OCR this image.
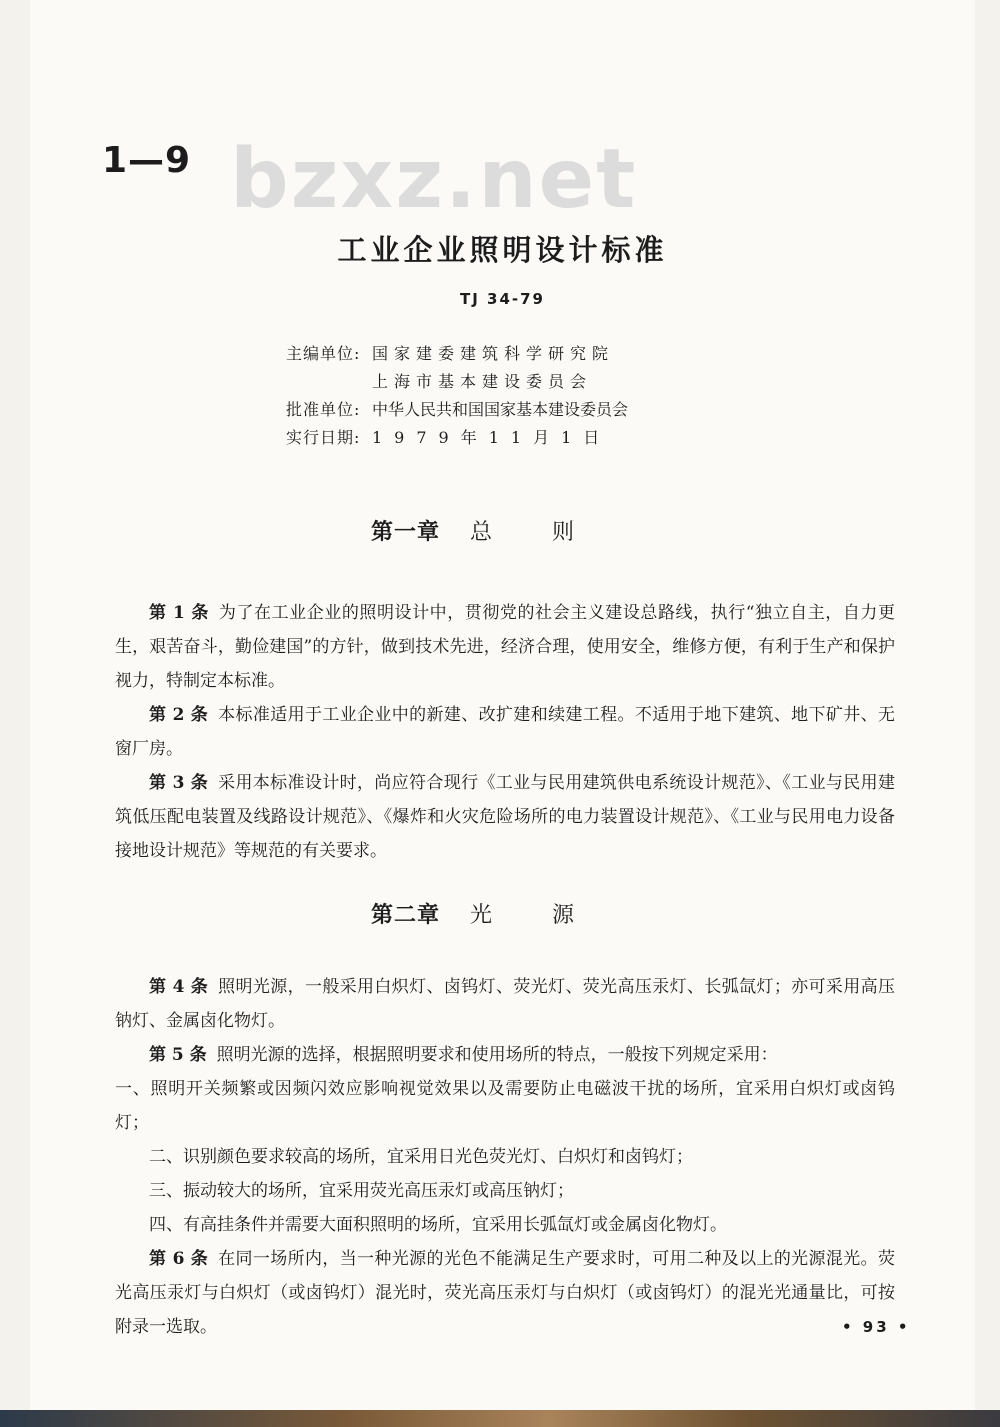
bzxz.net
1—9
工业企业照明设计标准
TJ 34-79
主编单位: 国家建委建筑科学研究院
上海市基本建设委员会
批准单位: 中华人民共和国国家基本建设委员会
实行日期: 1979年11月1日
第一章 总则

第 1 条 为了在工业企业的照明设计中，贯彻党的社会主义建设总路线，执行“独立自主，自力更生，艰苦奋斗，勤俭建国”的方针，做到技术先进，经济合理，使用安全，维修方便，有利于生产和保护视力，特制定本标准。

第 2 条 本标准适用于工业企业中的新建、改扩建和续建工程。不适用于地下建筑、地下矿井、无窗厂房。

第 3 条 采用本标准设计时，尚应符合现行《工业与民用建筑供电系统设计规范》、《工业与民用建筑低压配电装置及线路设计规范》、《爆炸和火灾危险场所的电力装置设计规范》、《工业与民用电力设备接地设计规范》等规范的有关要求。

第二章 光源

第 4 条 照明光源，一般采用白炽灯、卤钨灯、荧光灯、荧光高压汞灯、长弧氙灯；亦可采用高压钠灯、金属卤化物灯。

第 5 条 照明光源的选择，根据照明要求和使用场所的特点，一般按下列规定采用：

一、照明开关频繁或因频闪效应影响视觉效果以及需要防止电磁波干扰的场所，宜采用白炽灯或卤钨灯；

二、识别颜色要求较高的场所，宜采用日光色荧光灯、白炽灯和卤钨灯；

三、振动较大的场所，宜采用荧光高压汞灯或高压钠灯；

四、有高挂条件并需要大面积照明的场所，宜采用长弧氙灯或金属卤化物灯。

第 6 条 在同一场所内，当一种光源的光色不能满足生产要求时，可用二种及以上的光源混光。荧光高压汞灯与白炽灯（或卤钨灯）混光时，荧光高压汞灯与白炽灯（或卤钨灯）的混光光通量比，可按附录一选取。	• 93 •
